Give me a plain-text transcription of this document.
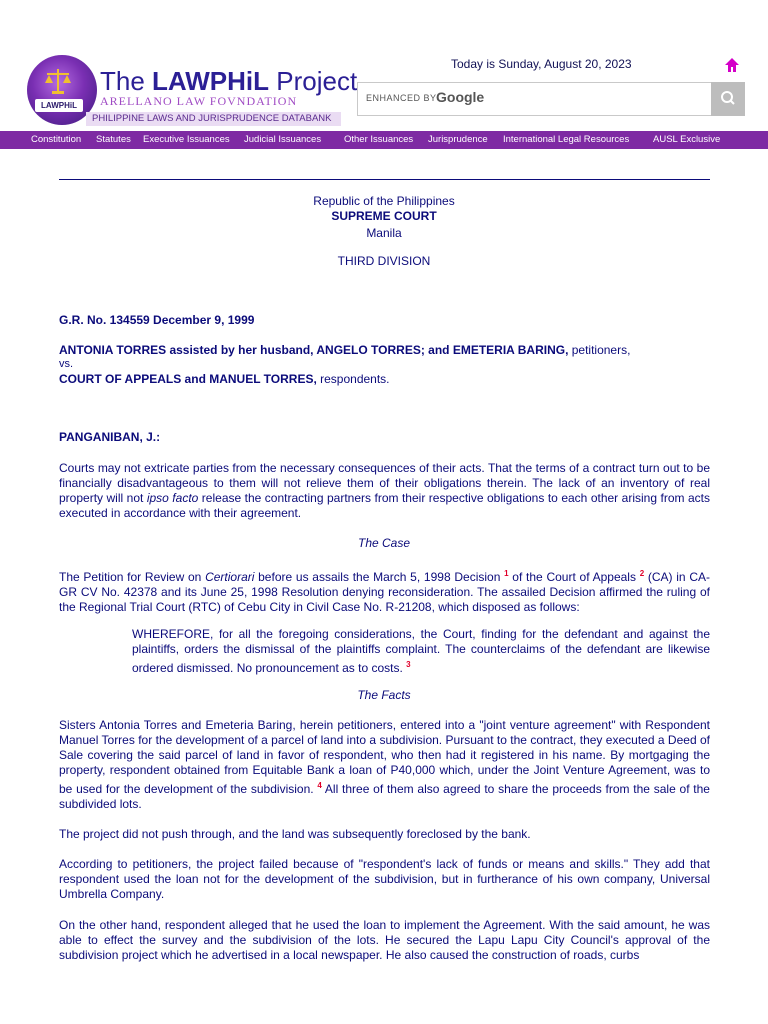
LAWPHiL
The LAWPHiL Project
ARELLANO LAW FOVNDATION
PHILIPPINE LAWS AND JURISPRUDENCE DATABANK
Today is Sunday, August 20, 2023
ENHANCED BY Google
Constitution Statutes Executive Issuances Judicial Issuances Other Issuances Jurisprudence International Legal Resources	AUSL Exclusive
Republic of the Philippines
SUPREME COURT
Manila
THIRD DIVISION
G.R. No. 134559 December 9, 1999
ANTONIA TORRES assisted by her husband, ANGELO TORRES; and EMETERIA BARING, petitioners,
vs.
COURT OF APPEALS and MANUEL TORRES, respondents.
PANGANIBAN, J.:
Courts may not extricate parties from the necessary consequences of their acts. That the terms of a contract turn out to be financially disadvantageous to them will not relieve them of their obligations therein. The lack of an inventory of real property will not ipso facto release the contracting partners from their respective obligations to each other arising from acts executed in accordance with their agreement.
The Case
The Petition for Review on Certiorari before us assails the March 5, 1998 Decision $^1$ of the Court of Appeals $^2$ (CA) in CA-GR CV No. 42378 and its June 25, 1998 Resolution denying reconsideration. The assailed Decision affirmed the ruling of the Regional Trial Court (RTC) of Cebu City in Civil Case No. R-21208, which disposed as follows:
WHEREFORE, for all the foregoing considerations, the Court, finding for the defendant and against the plaintiffs, orders the dismissal of the plaintiffs complaint. The counterclaims of the defendant are likewise ordered dismissed. No pronouncement as to costs. $^3$
The Facts
Sisters Antonia Torres and Emeteria Baring, herein petitioners, entered into a "joint venture agreement" with Respondent Manuel Torres for the development of a parcel of land into a subdivision. Pursuant to the contract, they executed a Deed of Sale covering the said parcel of land in favor of respondent, who then had it registered in his name. By mortgaging the property, respondent obtained from Equitable Bank a loan of P40,000 which, under the Joint Venture Agreement, was to be used for the development of the subdivision. $^4$ All three of them also agreed to share the proceeds from the sale of the subdivided lots.
The project did not push through, and the land was subsequently foreclosed by the bank.
According to petitioners, the project failed because of "respondent's lack of funds or means and skills." They add that respondent used the loan not for the development of the subdivision, but in furtherance of his own company, Universal Umbrella Company.
On the other hand, respondent alleged that he used the loan to implement the Agreement. With the said amount, he was able to effect the survey and the subdivision of the lots. He secured the Lapu Lapu City Council's approval of the subdivision project which he advertised in a local newspaper. He also caused the construction of roads, curbs
